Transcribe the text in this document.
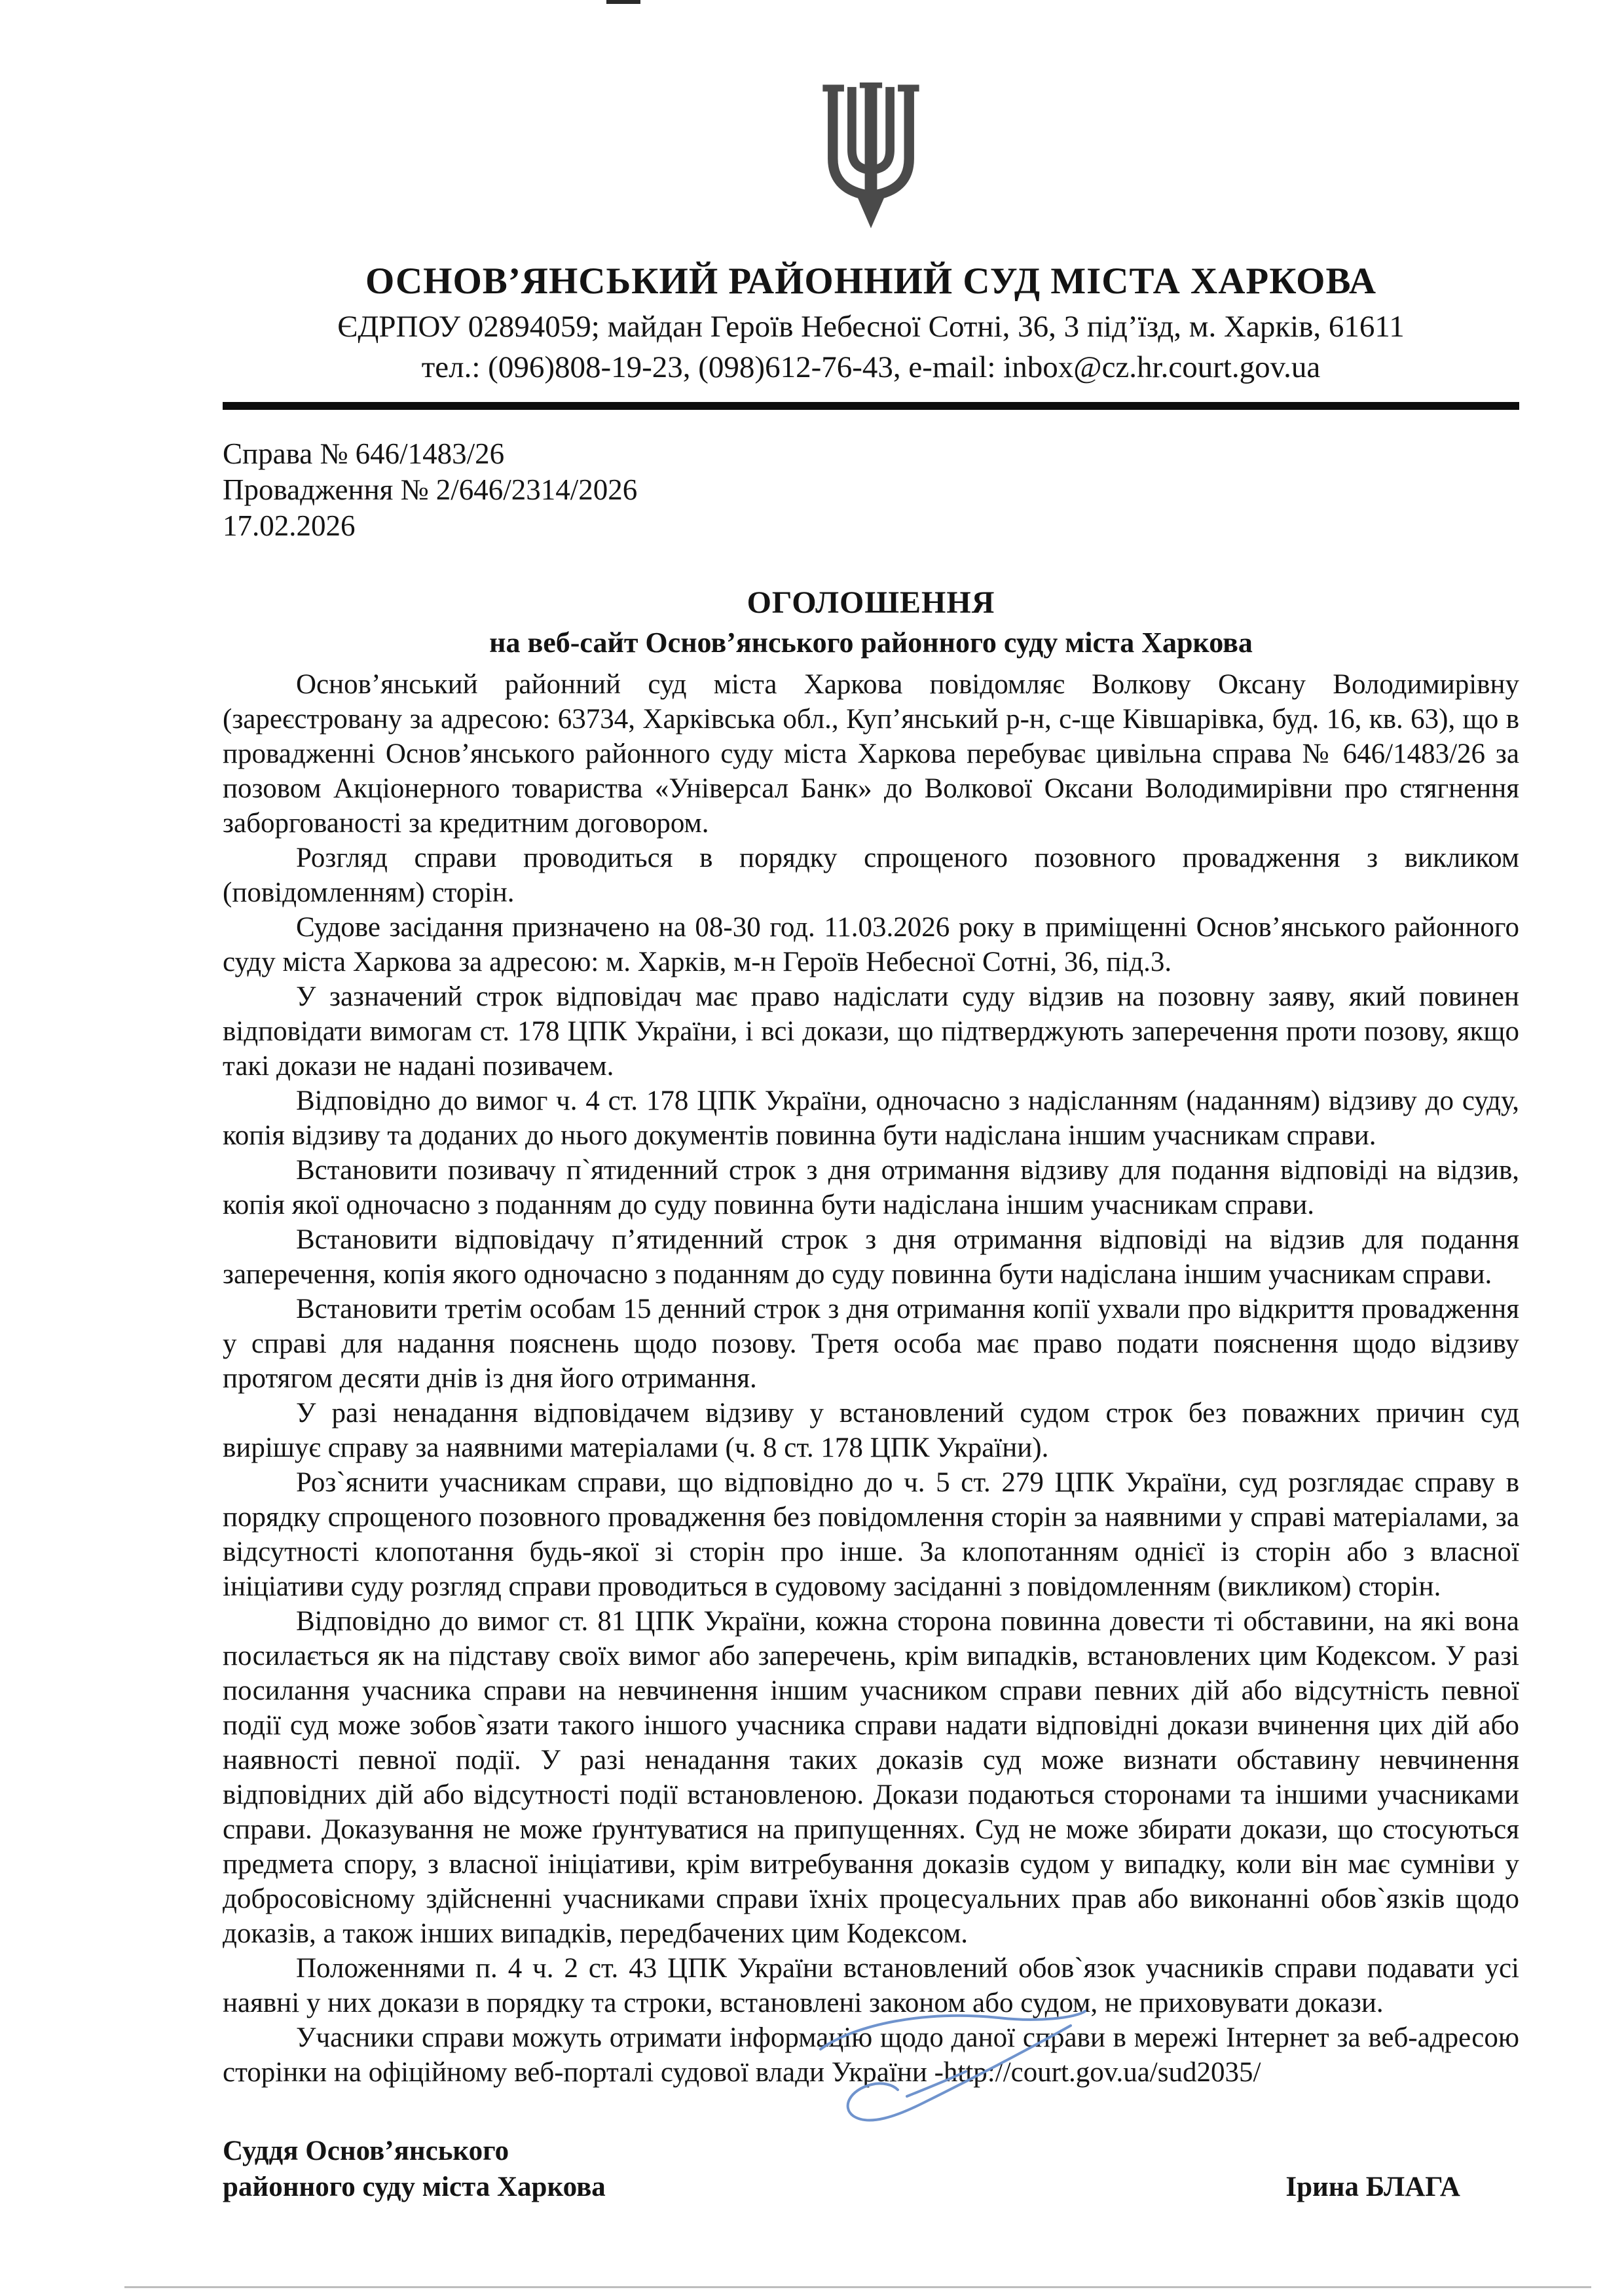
ОСНОВ’ЯНСЬКИЙ РАЙОННИЙ СУД МІСТА ХАРКОВА
ЄДРПОУ 02894059; майдан Героїв Небесної Сотні, 36, 3 під’їзд, м. Харків, 61611
тел.: (096)808-19-23, (098)612-76-43, e-mail: inbox@cz.hr.court.gov.ua
Справа № 646/1483/26
Провадження № 2/646/2314/2026
17.02.2026
ОГОЛОШЕННЯ
на веб-сайт Основ’янського районного суду міста Харкова

Основ’янський районний суд міста Харкова повідомляє Волкову Оксану Володимирівну (зареєстровану за адресою: 63734, Харківська обл., Куп’янський р-н, с-ще Ківшарівка, буд. 16, кв. 63), що в провадженні Основ’янського районного суду міста Харкова перебуває цивільна справа № 646/1483/26 за позовом Акціонерного товариства «Універсал Банк» до Волкової Оксани Володимирівни про стягнення заборгованості за кредитним договором.

Розгляд справи проводиться в порядку спрощеного позовного провадження з викликом (повідомленням) сторін.

Судове засідання призначено на 08-30 год. 11.03.2026 року в приміщенні Основ’янського районного суду міста Харкова за адресою: м. Харків, м-н Героїв Небесної Сотні, 36, під.3.

У зазначений строк відповідач має право надіслати суду відзив на позовну заяву, який повинен відповідати вимогам ст. 178 ЦПК України, і всі докази, що підтверджують заперечення проти позову, якщо такі докази не надані позивачем.

Відповідно до вимог ч. 4 ст. 178 ЦПК України, одночасно з надісланням (наданням) відзиву до суду, копія відзиву та доданих до нього документів повинна бути надіслана іншим учасникам справи.

Встановити позивачу п`ятиденний строк з дня отримання відзиву для подання відповіді на відзив, копія якої одночасно з поданням до суду повинна бути надіслана іншим учасникам справи.

Встановити відповідачу п’ятиденний строк з дня отримання відповіді на відзив для подання заперечення, копія якого одночасно з поданням до суду повинна бути надіслана іншим учасникам справи.

Встановити третім особам 15 денний строк з дня отримання копії ухвали про відкриття провадження у справі для надання пояснень щодо позову. Третя особа має право подати пояснення щодо відзиву протягом десяти днів із дня його отримання.

У разі ненадання відповідачем відзиву у встановлений судом строк без поважних причин суд вирішує справу за наявними матеріалами (ч. 8 ст. 178 ЦПК України).

Роз`яснити учасникам справи, що відповідно до ч. 5 ст. 279 ЦПК України, суд розглядає справу в порядку спрощеного позовного провадження без повідомлення сторін за наявними у справі матеріалами, за відсутності клопотання будь-якої зі сторін про інше. За клопотанням однієї із сторін або з власної ініціативи суду розгляд справи проводиться в судовому засіданні з повідомленням (викликом) сторін.

Відповідно до вимог ст. 81 ЦПК України, кожна сторона повинна довести ті обставини, на які вона посилається як на підставу своїх вимог або заперечень, крім випадків, встановлених цим Кодексом. У разі посилання учасника справи на невчинення іншим учасником справи певних дій або відсутність певної події суд може зобов`язати такого іншого учасника справи надати відповідні докази вчинення цих дій або наявності певної події. У разі ненадання таких доказів суд може визнати обставину невчинення відповідних дій або відсутності події встановленою. Докази подаються сторонами та іншими учасниками справи. Доказування не може ґрунтуватися на припущеннях. Суд не може збирати докази, що стосуються предмета спору, з власної ініціативи, крім витребування доказів судом у випадку, коли він має сумніви у добросовісному здійсненні учасниками справи їхніх процесуальних прав або виконанні обов`язків щодо доказів, а також інших випадків, передбачених цим Кодексом.

Положеннями п. 4 ч. 2 ст. 43 ЦПК України встановлений обов`язок учасників справи подавати усі наявні у них докази в порядку та строки, встановлені законом або судом, не приховувати докази.

Учасники справи можуть отримати інформацію щодо даної справи в мережі Інтернет за веб-адресою сторінки на офіційному веб-порталі судової влади України -http://court.gov.ua/sud2035/

Суддя Основ’янського
районного суду міста Харкова	Ірина БЛАГА
